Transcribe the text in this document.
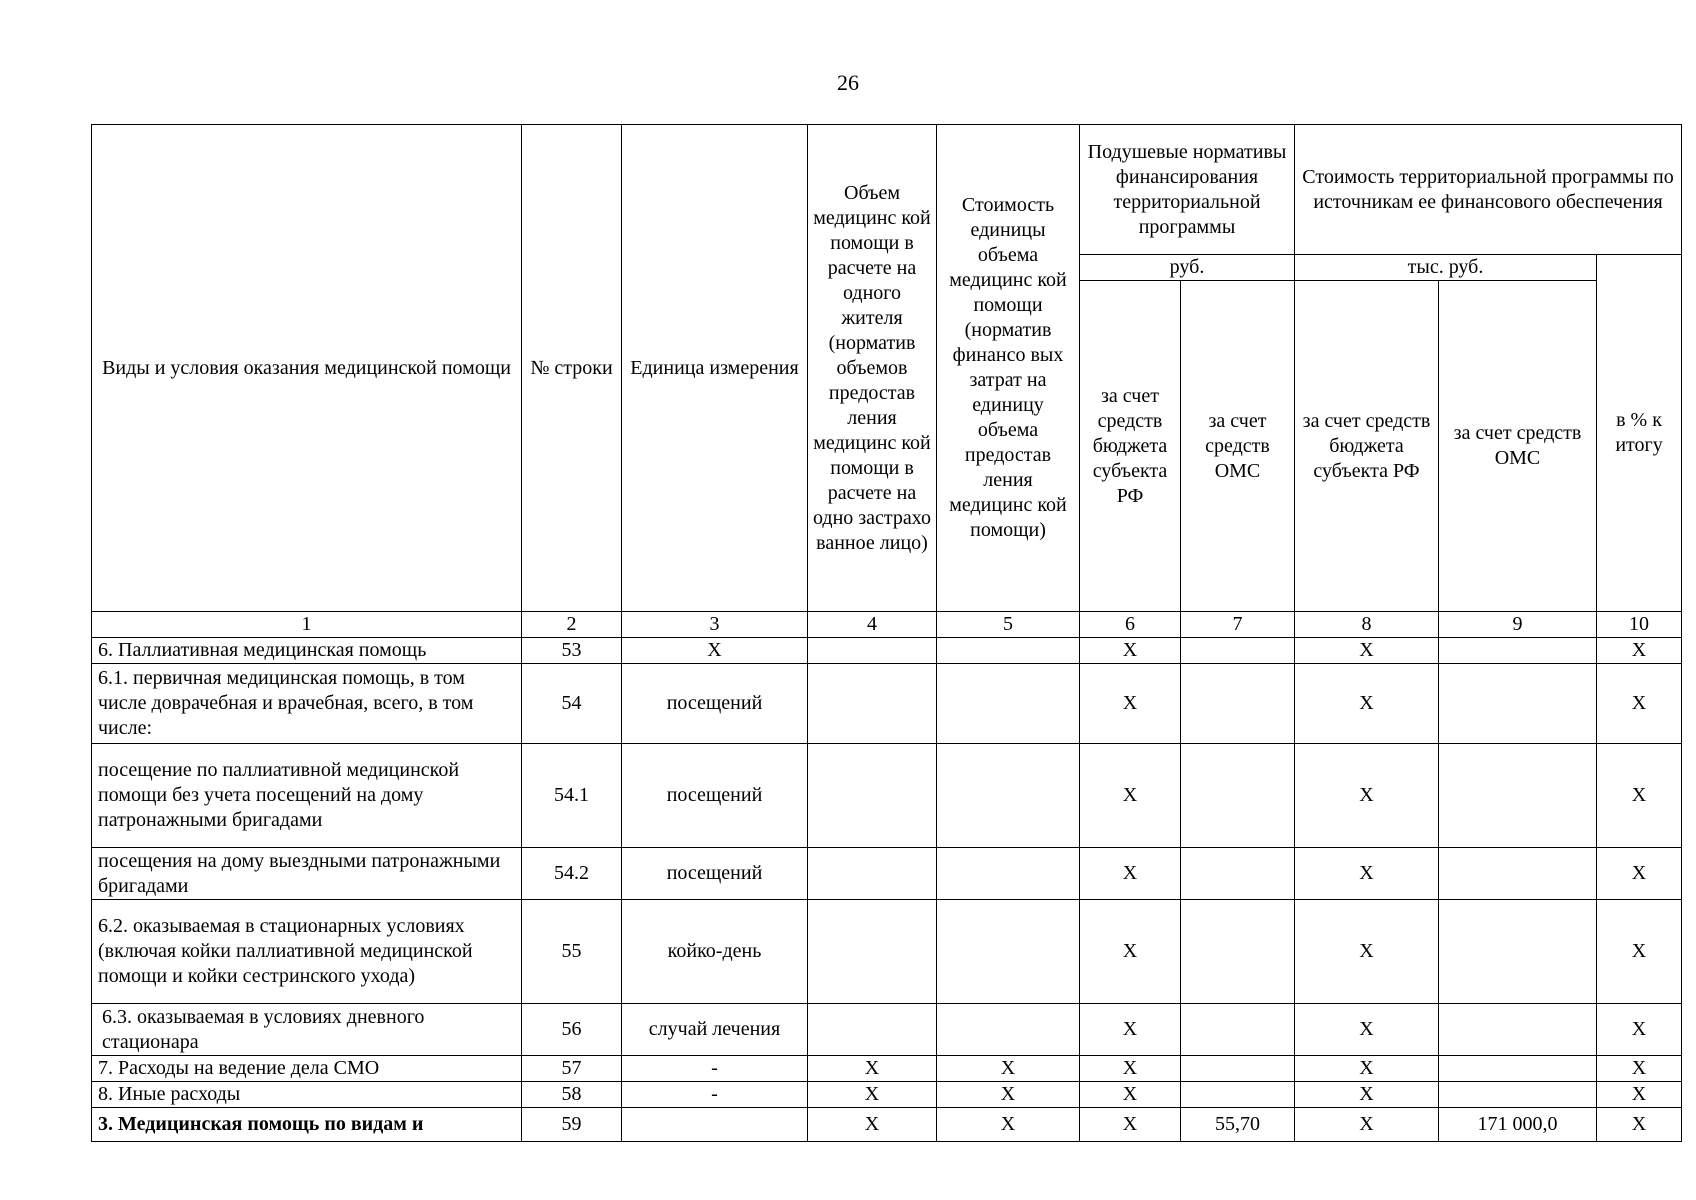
26
Виды и условия оказания медицинской помощи	№ строки	Единица измерения	Объем медицинс кой помощи в расчете на одного жителя (норматив объемов предостав ления медицинс кой помощи в расчете на одно застрахо ванное лицо)	Стоимость единицы объема медицинс кой помощи (норматив финансо вых затрат на единицу объема предостав ления медицинс кой помощи)	Подушевые нормативы финансирования территориальной программы		Стоимость территориальной программы по источникам ее финансового обеспечения		
					руб.		тыс. руб.		в % к итогу
					за счет средств бюджета субъекта РФ	за счет средств ОМС	за счет средств бюджета субъекта РФ	за счет средств ОМС	
1	2	3	4	5	6	7	8	9	10
6. Паллиативная медицинская помощь	53	Х			Х		Х		Х
6.1. первичная медицинская помощь, в том числе доврачебная и врачебная, всего, в том числе:	54	посещений			Х		Х		Х
посещение по паллиативной медицинской помощи без учета посещений на дому патронажными бригадами	54.1	посещений			Х		Х		Х
посещения на дому выездными патронажными бригадами	54.2	посещений			Х		Х		Х
6.2. оказываемая в стационарных условиях (включая койки паллиативной медицинской помощи и койки сестринского ухода)	55	койко-день			Х		Х		Х
6.3. оказываемая в условиях дневного стационара	56	случай лечения			Х		Х		Х
7. Расходы на ведение дела СМО	57	-	Х	Х	Х		Х		Х
8. Иные расходы	58	-	Х	Х	Х		Х		Х
3. Медицинская помощь по видам и	59		Х	Х	Х	55,70	Х	171 000,0	Х
